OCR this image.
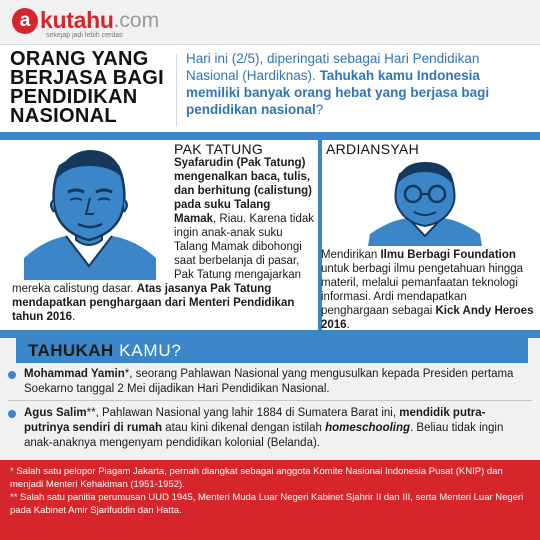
a kutahu .com
sekejap jadi lebih cerdas
ORANG YANG
BERJASA BAGI
PENDIDIKAN
NASIONAL
Hari ini (2/5), diperingati sebagai Hari Pendidikan Nasional (Hardiknas). Tahukah kamu Indonesia memiliki banyak orang hebat yang berjasa bagi pendidikan nasional?
PAK TATUNG
Syafarudin (Pak Tatung) mengenalkan baca, tulis, dan berhitung (calistung) pada suku Talang Mamak, Riau. Karena tidak ingin anak-anak suku Talang Mamak dibohongi saat berbelanja di pasar, Pak Tatung mengajarkan mereka calistung dasar. Atas jasanya Pak Tatung mendapatkan penghargaan dari Menteri Pendidikan tahun 2016.
ARDIANSYAH
Mendirikan Ilmu Berbagi Foundation untuk berbagi ilmu pengetahuan hingga materil, melalui pemanfaatan teknologi informasi. Ardi mendapatkan penghargaan sebagai Kick Andy Heroes 2016.
TAHUKAH KAMU?
Mohammad Yamin*, seorang Pahlawan Nasional yang mengusulkan kepada Presiden pertama Soekarno tanggal 2 Mei dijadikan Hari Pendidikan Nasional.
Agus Salim**, Pahlawan Nasional yang lahir 1884 di Sumatera Barat ini, mendidik putra-putrinya sendiri di rumah atau kini dikenal dengan istilah homeschooling. Beliau tidak ingin anak-anaknya mengenyam pendidikan kolonial (Belanda).

* Salah satu pelopor Piagam Jakarta, pernah diangkat sebagai anggota Komite Nasional Indonesia Pusat (KNIP) dan menjadi Menteri Kehakiman (1951-1952).

** Salah satu panitia perumusan UUD 1945, Menteri Muda Luar Negeri Kabinet Sjahrir II dan III, serta Menteri Luar Negeri pada Kabinet Amir Sjarifuddin dan Hatta.
